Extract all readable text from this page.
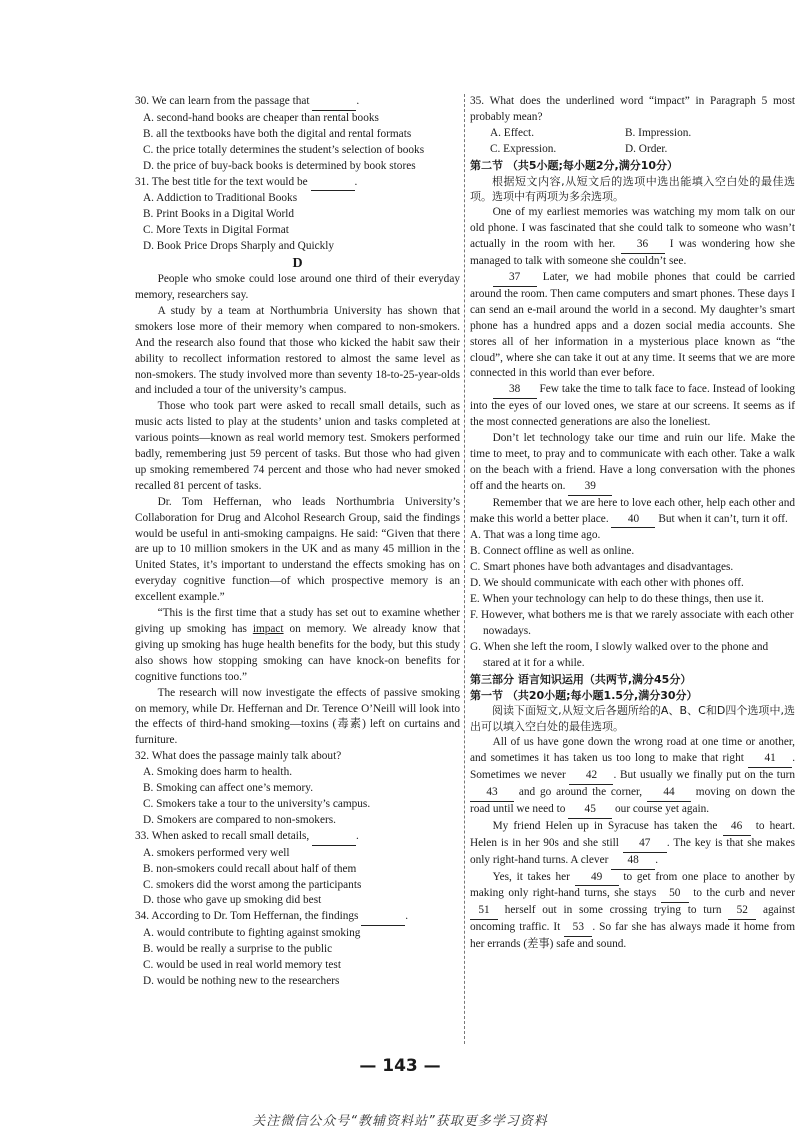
30. We can learn from the passage that	.

A. second-hand books are cheaper than rental books

B. all the textbooks have both the digital and rental formats

C. the price totally determines the student’s selection of books

D. the price of buy-back books is determined by book stores

31. The best title for the text would be	.

A. Addiction to Traditional Books

B. Print Books in a Digital World

C. More Texts in Digital Format

D. Book Price Drops Sharply and Quickly

D

People who smoke could lose around one third of their everyday memory, researchers say.

A study by a team at Northumbria University has shown that smokers lose more of their memory when compared to non-smokers. And the research also found that those who kicked the habit saw their ability to recollect information restored to almost the same level as non-smokers. The study involved more than seventy 18-to-25-year-olds and included a tour of the university’s campus.

Those who took part were asked to recall small details, such as music acts listed to play at the students’ union and tasks completed at various points—known as real world memory test. Smokers performed badly, remembering just 59 percent of tasks. But those who had given up smoking remembered 74 percent and those who had never smoked recalled 81 percent of tasks.

Dr. Tom Heffernan, who leads Northumbria University’s Collaboration for Drug and Alcohol Research Group, said the findings would be useful in anti-smoking campaigns. He said: “Given that there are up to 10 million smokers in the UK and as many 45 million in the United States, it’s important to understand the effects smoking has on everyday cognitive function—of which prospective memory is an excellent example.”

“This is the first time that a study has set out to examine whether giving up smoking has impact on memory. We already know that giving up smoking has huge health benefits for the body, but this study also shows how stopping smoking can have knock-on benefits for cognitive functions too.”

The research will now investigate the effects of passive smoking on memory, while Dr. Heffernan and Dr. Terence O’Neill will look into the effects of third-hand smoking—toxins (毒素) left on curtains and furniture.

32. What does the passage mainly talk about?

A. Smoking does harm to health.

B. Smoking can affect one’s memory.

C. Smokers take a tour to the university’s campus.

D. Smokers are compared to non-smokers.

33. When asked to recall small details,	.

A. smokers performed very well

B. non-smokers could recall about half of them

C. smokers did the worst among the participants

D. those who gave up smoking did best

34. According to Dr. Tom Heffernan, the findings	.

A. would contribute to fighting against smoking

B. would be really a surprise to the public

C. would be used in real world memory test

D. would be nothing new to the researchers

35. What does the underlined word “impact” in Paragraph 5 most probably mean?

A. Effect.	B. Impression.
C. Expression.	D. Order.

第二节 （共5小题;每小题2分,满分10分）

根据短文内容,从短文后的选项中选出能填入空白处的最佳选项。选项中有两项为多余选项。

One of my earliest memories was watching my mom talk on our old phone. I was fascinated that she could talk to someone who wasn’t actually in the room with her. 36 I was wondering how she managed to talk with someone she couldn’t see.

37 Later, we had mobile phones that could be carried around the room. Then came computers and smart phones. These days I can send an e-mail around the world in a second. My daughter’s smart phone has a hundred apps and a dozen social media accounts. She stores all of her information in a mysterious place known as “the cloud”, where she can take it out at any time. It seems that we are more connected in this world than ever before.

38 Few take the time to talk face to face. Instead of looking into the eyes of our loved ones, we stare at our screens. It seems as if the most connected generations are also the loneliest.

Don’t let technology take our time and ruin our life. Make the time to meet, to pray and to communicate with each other. Take a walk on the beach with a friend. Have a long conversation with the phones off and the hearts on. 39

Remember that we are here to love each other, help each other and make this world a better place. 40 But when it can’t, turn it off.

A. That was a long time ago.

B. Connect offline as well as online.

C. Smart phones have both advantages and disadvantages.

D. We should communicate with each other with phones off.

E. When your technology can help to do these things, then use it.

F. However, what bothers me is that we rarely associate with each other nowadays.

G. When she left the room, I slowly walked over to the phone and stared at it for a while.

第三部分 语言知识运用（共两节,满分45分）

第一节 （共20小题;每小题1.5分,满分30分）

阅读下面短文,从短文后各题所给的A、B、C和D四个选项中,选出可以填入空白处的最佳选项。

All of us have gone down the wrong road at one time or another, and sometimes it has taken us too long to make that right 41 . Sometimes we never 42 . But usually we finally put on the turn 43 and go around the corner, 44 moving on down the road until we need to 45 our course yet again.

My friend Helen up in Syracuse has taken the 46 to heart. Helen is in her 90s and she still 47 . The key is that she makes only right-hand turns. A clever 48 .

Yes, it takes her 49 to get from one place to another by making only right-hand turns, she stays 50 to the curb and never 51 herself out in some crossing trying to turn 52 against oncoming traffic. It 53 . So far she has always made it home from her errands (差事) safe and sound.

— 143 —
关注微信公众号“教辅资料站”获取更多学习资料
